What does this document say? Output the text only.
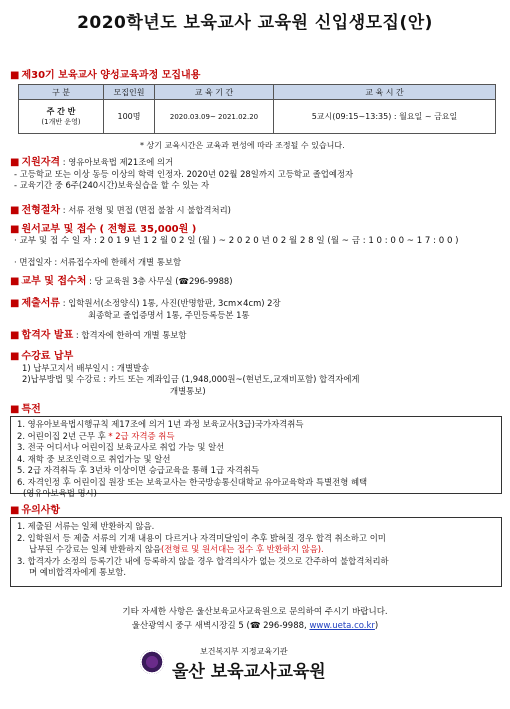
2020학년도 보육교사 교육원 신입생모집(안)
■ 제30기 보육교사 양성교육과정 모집내용
구 분	모집인원	교 육 기 간	교 육 시 간

주 간 반
(1개반 운영)	100명	2020.03.09~ 2021.02.20	5교시(09:15~13:35) : 월요일 ~ 금요일
* 상기 교육시간은 교육과 편성에 따라 조정될 수 있습니다.
■ 지원자격 : 영유아보육법 제21조에 의거
- 고등학교 또는 이상 동등 이상의 학력 인정자. 2020년 02월 28일까지 고등학교 졸업예정자
- 교육기간 중 6주(240시간)보육실습을 할 수 있는 자
■ 전형절차 : 서류 전형 및 면접 (면접 불참 시 불합격처리)
■ 원서교부 및 접수 ( 전형료 35,000원 )
· 교부 및 접 수 일 자 : 2 0 1 9 년 1 2 월 0 2 일 (월 ) ~ 2 0 2 0 년 0 2 월 2 8 일 (월 ~ 금 : 1 0 : 0 0 ~ 1 7 : 0 0 )
· 면접일자 : 서류접수자에 한해서 개별 통보함
■ 교부 및 접수처 : 당 교육원 3층 사무실 (☎296-9988)
■ 제출서류 : 입학원서(소정양식) 1통, 사진(반명함판, 3cm×4cm) 2장
최종학교 졸업증명서 1통, 주민등록등본 1통
■ 합격자 발표 : 합격자에 한하여 개별 통보함
■ 수강료 납부
1) 납부고지서 배부일시 : 개별발송
2)납부방법 및 수강료 : 카드 또는 계좌입금 (1,948,000원~(현년도,교재비포함) 합격자에게
개별통보)
■ 특전
1. 영유아보육법시행규칙 제17조에 의거 1년 과정 보육교사(3급)국가자격취득
2. 어린이집 2년 근무 후 * 2급 자격증 취득
3. 전국 어디서나 어린이집 보육교사로 취업 가능 및 알선
4. 재학 중 보조인력으로 취업가능 및 알선
5. 2급 자격취득 후 3년차 이상이면 승급교육을 통해 1급 자격취득
6. 자격인정 후 어린이집 원장 또는 보육교사는 한국방송통신대학교 유아교육학과 특별전형 혜택
(영유아보육법 명시)
■ 유의사항
1. 제출된 서류는 일체 반환하지 않음.
2. 입학원서 등 제출 서류의 기재 내용이 다르거나 자격미달임이 추후 밝혀질 경우 합격 취소하고 이미
납부된 수강료는 일체 반환하지 않음(전형료 및 원서대는 접수 후 반환하지 않음).
3. 합격자가 소정의 등록기간 내에 등록하지 않을 경우 합격의사가 없는 것으로 간주하여 불합격처리하
며 예비합격자에게 통보함.
기타 자세한 사항은 울산보육교사교육원으로 문의하여 주시기 바랍니다.
울산광역시 중구 새벽시장길 5 (☎ 296-9988, www.ueta.co.kr)
보건복지부 지정교육기관
울산 보육교사교육원
